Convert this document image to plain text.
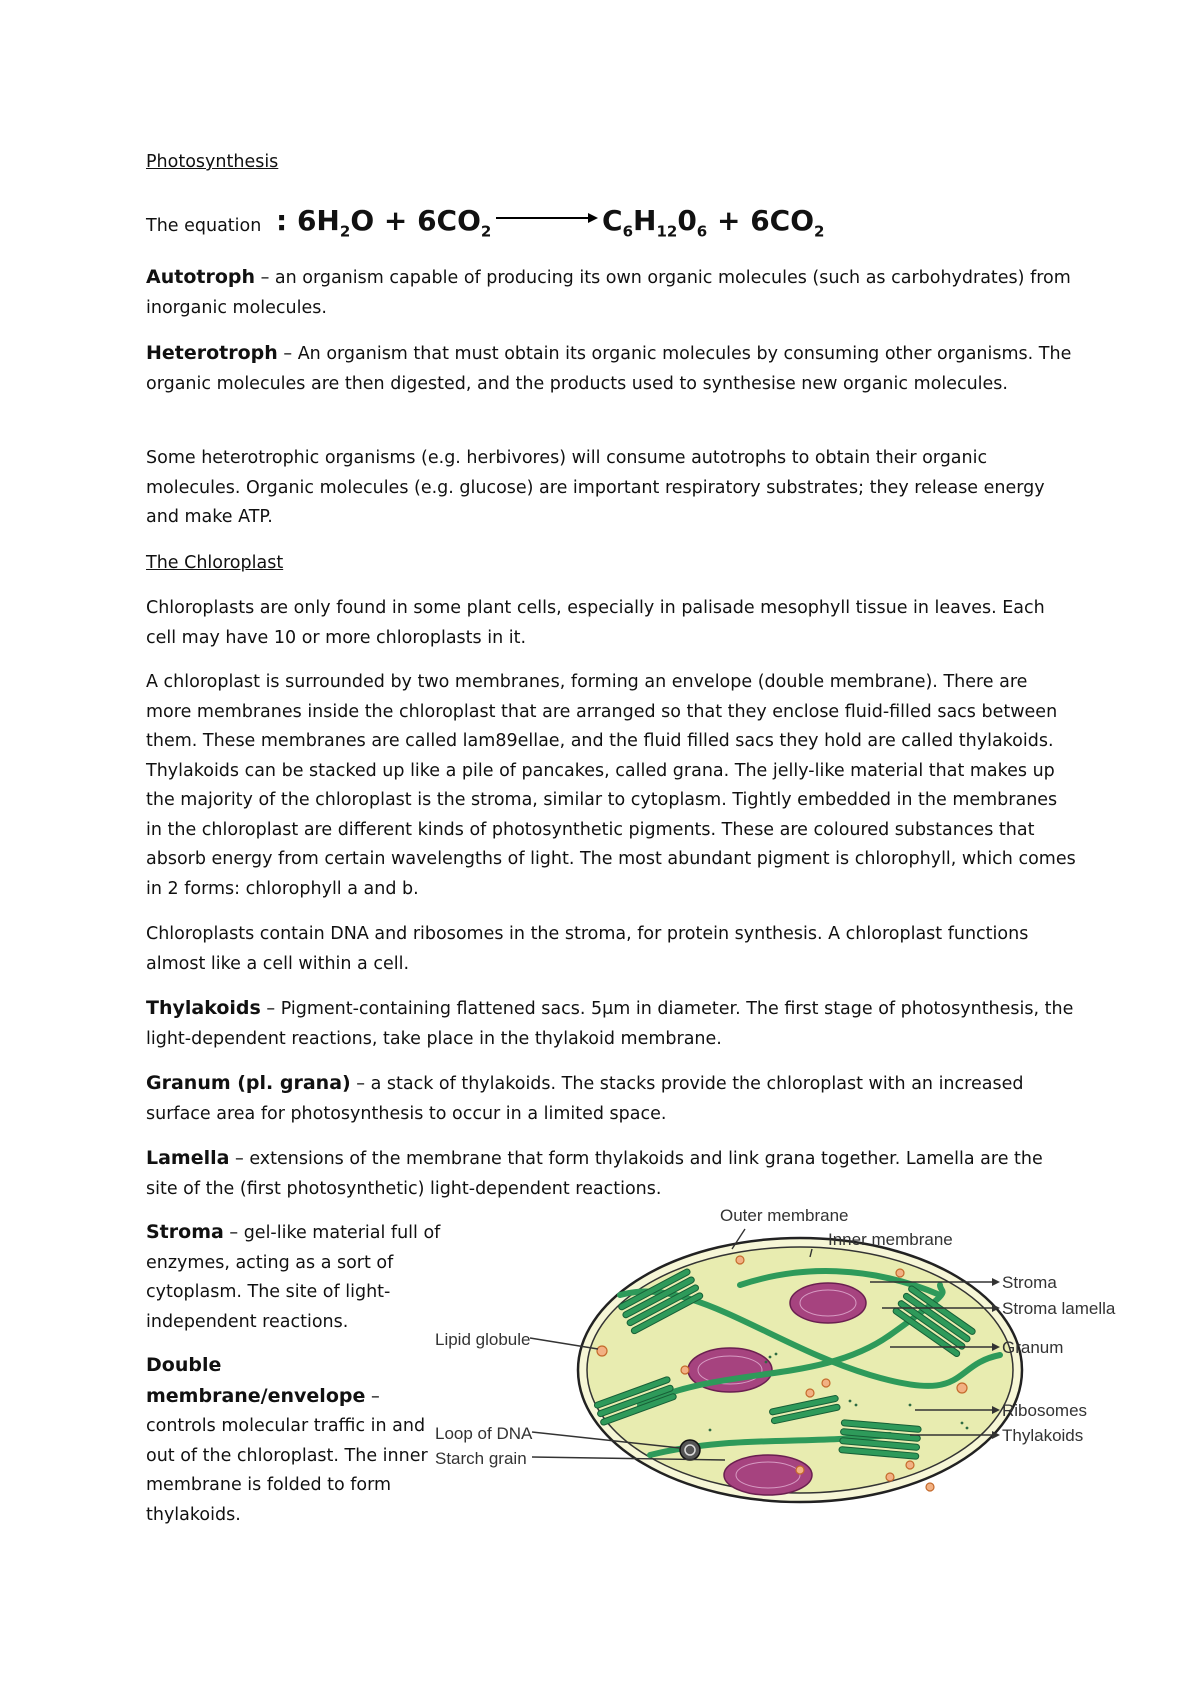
Photosynthesis

The equation : $6H_2O + 6CO_2$	$C_6H_{12}0_6 + 6CO_2$

Autotroph – an organism capable of producing its own organic molecules (such as carbohydrates) from inorganic molecules.

Heterotroph – An organism that must obtain its organic molecules by consuming other organisms. The organic molecules are then digested, and the products used to synthesise new organic molecules.

Some heterotrophic organisms (e.g. herbivores) will consume autotrophs to obtain their organic molecules. Organic molecules (e.g. glucose) are important respiratory substrates; they release energy and make ATP.

The Chloroplast

Chloroplasts are only found in some plant cells, especially in palisade mesophyll tissue in leaves. Each cell may have 10 or more chloroplasts in it.

A chloroplast is surrounded by two membranes, forming an envelope (double membrane). There are more membranes inside the chloroplast that are arranged so that they enclose fluid-filled sacs between them. These membranes are called lam89ellae, and the fluid filled sacs they hold are called thylakoids. Thylakoids can be stacked up like a pile of pancakes, called grana. The jelly-like material that makes up the majority of the chloroplast is the stroma, similar to cytoplasm. Tightly embedded in the membranes in the chloroplast are different kinds of photosynthetic pigments. These are coloured substances that absorb energy from certain wavelengths of light. The most abundant pigment is chlorophyll, which comes in 2 forms: chlorophyll a and b.

Chloroplasts contain DNA and ribosomes in the stroma, for protein synthesis. A chloroplast functions almost like a cell within a cell.

Thylakoids – Pigment-containing flattened sacs. 5μm in diameter. The first stage of photosynthesis, the light-dependent reactions, take place in the thylakoid membrane.

Granum (pl. grana) – a stack of thylakoids. The stacks provide the chloroplast with an increased surface area for photosynthesis to occur in a limited space.

Lamella – extensions of the membrane that form thylakoids and link grana together. Lamella are the site of the (first photosynthetic) light-dependent reactions.

Stroma – gel-like material full of enzymes, acting as a sort of cytoplasm. The site of light-independent reactions.

Double membrane/envelope – controls molecular traffic in and out of the chloroplast. The inner membrane is folded to form thylakoids.

Outer membrane
Inner membrane
Stroma
Stroma lamella
Granum
Ribosomes
Thylakoids
Lipid globule
Loop of DNA
Starch grain
